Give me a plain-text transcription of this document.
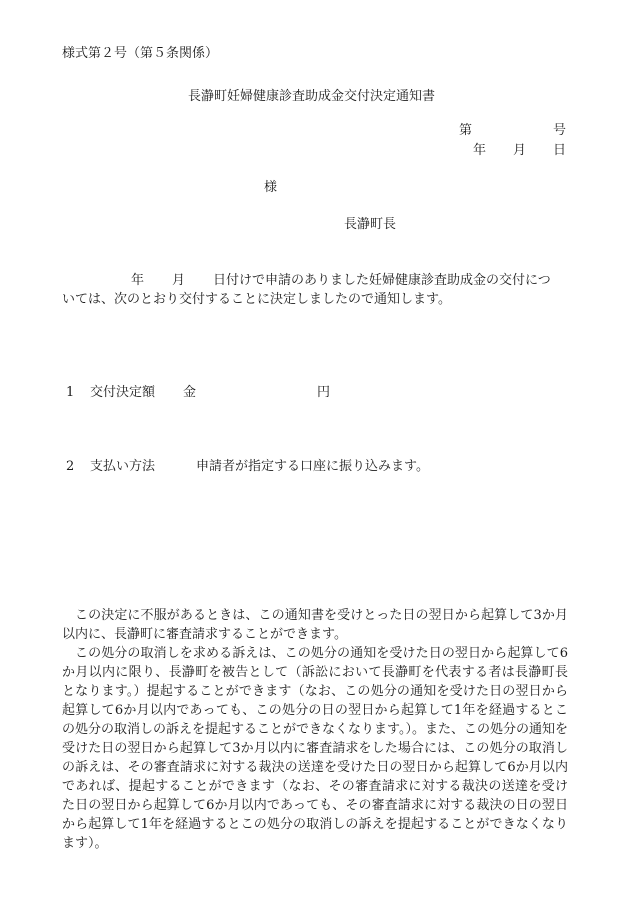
様式第２号（第５条関係）
長瀞町妊婦健康診査助成金交付決定通知書
第	号
年 月 日
様
長瀞町長
年 月 日付けで申請のありました妊婦健康診査助成金の交付につ
いては、次のとおり交付することに決定しましたので通知します。
1 交付決定額 金	円
2 支払い方法	申請者が指定する口座に振り込みます。

この決定に不服があるときは、この通知書を受けとった日の翌日から起算して3か月以内に、長瀞町に審査請求することができます。

この処分の取消しを求める訴えは、この処分の通知を受けた日の翌日から起算して6か月以内に限り、長瀞町を被告として（訴訟において長瀞町を代表する者は長瀞町長となります。）提起することができます（なお、この処分の通知を受けた日の翌日から起算して6か月以内であっても、この処分の日の翌日から起算して1年を経過するとこの処分の取消しの訴えを提起することができなくなります。）。また、この処分の通知を受けた日の翌日から起算して3か月以内に審査請求をした場合には、この処分の取消しの訴えは、その審査請求に対する裁決の送達を受けた日の翌日から起算して6か月以内であれば、提起することができます（なお、その審査請求に対する裁決の送達を受けた日の翌日から起算して6か月以内であっても、その審査請求に対する裁決の日の翌日から起算して1年を経過するとこの処分の取消しの訴えを提起することができなくなります）。
